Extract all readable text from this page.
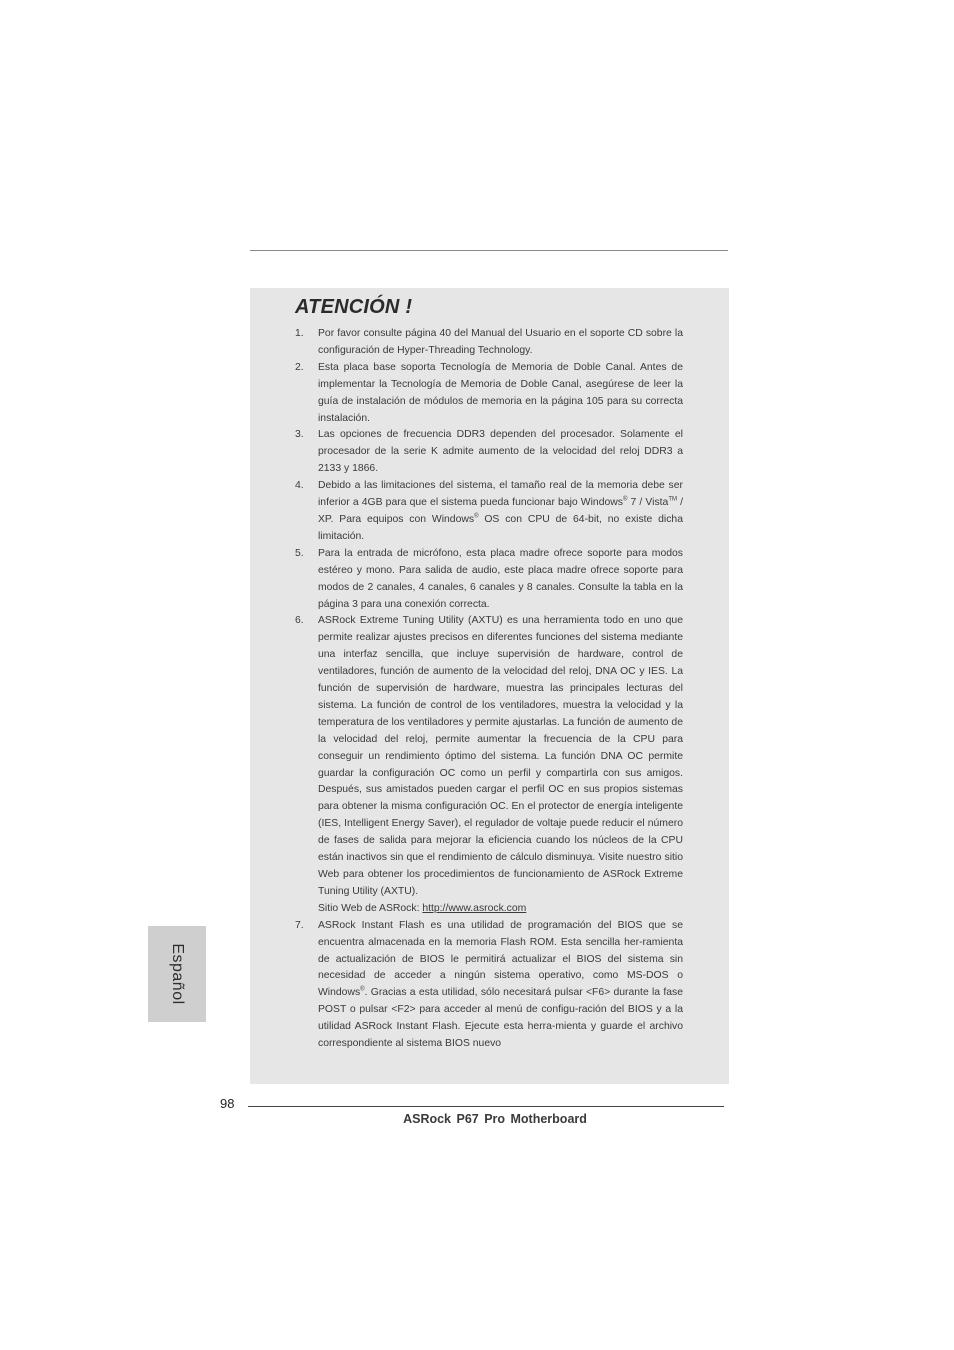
ATENCIÓN !
1. Por favor consulte página 40 del Manual del Usuario en el soporte CD sobre la configuración de Hyper-Threading Technology.
2. Esta placa base soporta Tecnología de Memoria de Doble Canal. Antes de implementar la Tecnología de Memoria de Doble Canal, asegúrese de leer la guía de instalación de módulos de memoria en la página 105 para su correcta instalación.
3. Las opciones de frecuencia DDR3 dependen del procesador. Solamente el procesador de la serie K admite aumento de la velocidad del reloj DDR3 a 2133 y 1866.
4. Debido a las limitaciones del sistema, el tamaño real de la memoria debe ser inferior a 4GB para que el sistema pueda funcionar bajo Windows® 7 / Vista™ / XP. Para equipos con Windows® OS con CPU de 64-bit, no existe dicha limitación.
5. Para la entrada de micrófono, esta placa madre ofrece soporte para modos estéreo y mono. Para salida de audio, este placa madre ofrece soporte para modos de 2 canales, 4 canales, 6 canales y 8 canales. Consulte la tabla en la página 3 para una conexión correcta.
6. ASRock Extreme Tuning Utility (AXTU) es una herramienta todo en uno que permite realizar ajustes precisos en diferentes funciones del sistema mediante una interfaz sencilla, que incluye supervisión de hardware, control de ventiladores, función de aumento de la velocidad del reloj, DNA OC y IES. La función de supervisión de hardware, muestra las principales lecturas del sistema. La función de control de los ventiladores, muestra la velocidad y la temperatura de los ventiladores y permite ajustarlas. La función de aumento de la velocidad del reloj, permite aumentar la frecuencia de la CPU para conseguir un rendimiento óptimo del sistema. La función DNA OC permite guardar la configuración OC como un perfil y compartirla con sus amigos. Después, sus amistados pueden cargar el perfil OC en sus propios sistemas para obtener la misma configuración OC. En el protector de energía inteligente (IES, Intelligent Energy Saver), el regulador de voltaje puede reducir el número de fases de salida para mejorar la eficiencia cuando los núcleos de la CPU están inactivos sin que el rendimiento de cálculo disminuya. Visite nuestro sitio Web para obtener los procedimientos de funcionamiento de ASRock Extreme Tuning Utility (AXTU).
Sitio Web de ASRock: http://www.asrock.com
7. ASRock Instant Flash es una utilidad de programación del BIOS que se encuentra almacenada en la memoria Flash ROM. Esta sencilla her-ramienta de actualización de BIOS le permitirá actualizar el BIOS del sistema sin necesidad de acceder a ningún sistema operativo, como MS-DOS o Windows®. Gracias a esta utilidad, sólo necesitará pulsar <F6> durante la fase POST o pulsar <F2> para acceder al menú de configu-ración del BIOS y a la utilidad ASRock Instant Flash. Ejecute esta herra-mienta y guarde el archivo correspondiente al sistema BIOS nuevo
Español
98
ASRock P67 Pro Motherboard
